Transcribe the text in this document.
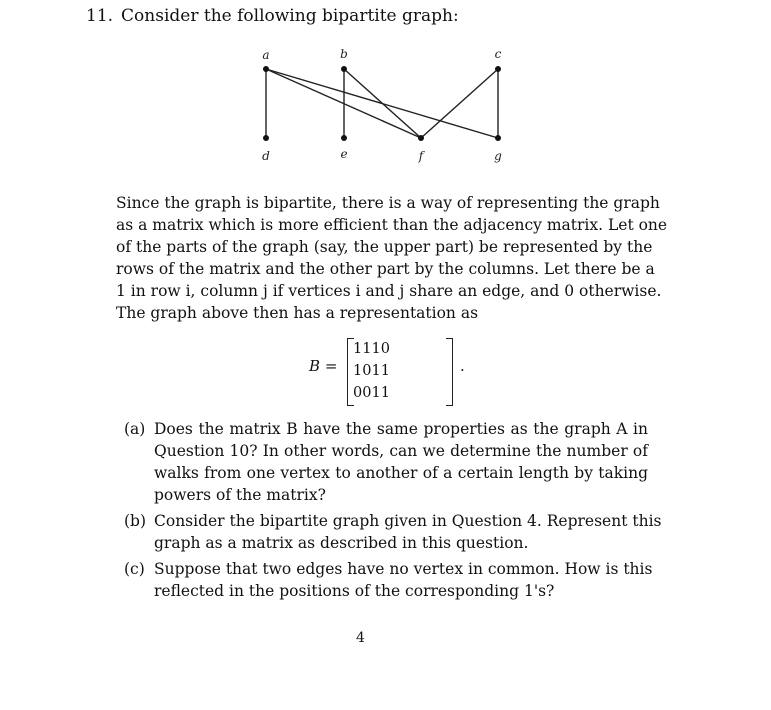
11. Consider the following bipartite graph:
a	b	c
d	e	f	g
Since the graph is bipartite, there is a way of representing the graph
as a matrix which is more efficient than the adjacency matrix. Let one
of the parts of the graph (say, the upper part) be represented by the
rows of the matrix and the other part by the columns. Let there be a
1 in row i, column j if vertices i and j share an edge, and 0 otherwise.
The graph above then has a representation as
B =
1	1	1	0
1	0	1	1
0	0	1	1
.
(a) Does the matrix B have the same properties as the graph A in
Question 10? In other words, can we determine the number of
walks from one vertex to another of a certain length by taking
powers of the matrix?
(b) Consider the bipartite graph given in Question 4. Represent this
graph as a matrix as described in this question.
(c) Suppose that two edges have no vertex in common. How is this
reflected in the positions of the corresponding 1's?
4
